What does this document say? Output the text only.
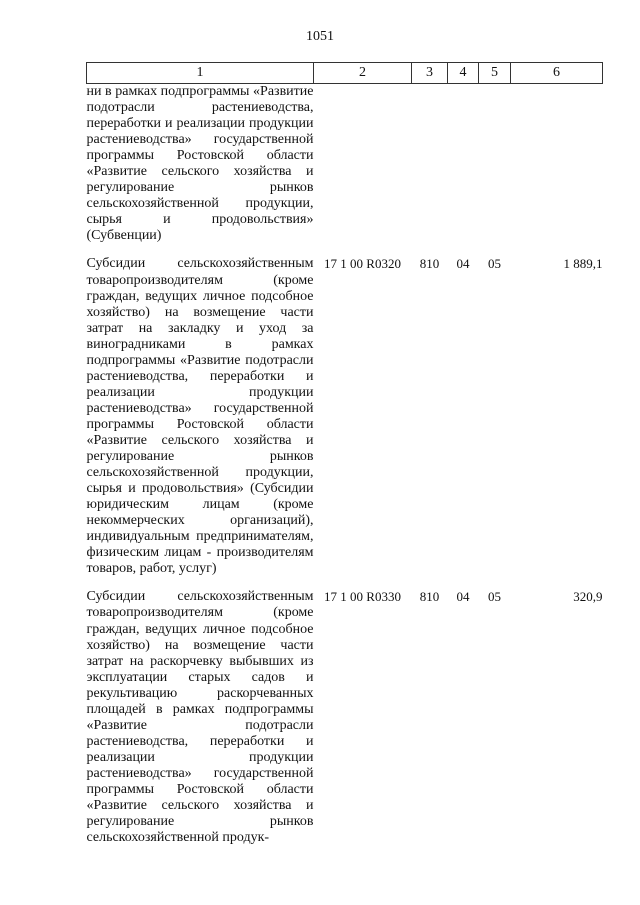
1051
1	2	3	4	5	6
ни в рамках подпрограммы «Развитие подотрасли растениеводства, переработки и реализации продукции растениеводства» государственной программы Ростовской области «Развитие сельского хозяйства и регулирование рынков сельскохозяйственной продукции, сырья и продовольствия» (Субвенции)					

Субсидии сельскохозяйственным товаропроизводителям (кроме граждан, ведущих личное подсобное хозяйство) на возмещение части затрат на закладку и уход за виноградниками в рамках подпрограммы «Развитие подотрасли растениеводства, переработки и реализации продукции растениеводства» государственной программы Ростовской области «Развитие сельского хозяйства и регулирование рынков сельскохозяйственной продукции, сырья и продовольствия» (Субсидии юридическим лицам (кроме некоммерческих организаций), индивидуальным предпринимателям, физическим лицам - производителям товаров, работ, услуг)	17 1 00 R0320	810	04	05	1 889,1

Субсидии сельскохозяйственным товаропроизводителям (кроме граждан, ведущих личное подсобное хозяйство) на возмещение части затрат на раскорчевку выбывших из эксплуатации старых садов и рекультивацию раскорчеванных площадей в рамках подпрограммы «Развитие подотрасли растениеводства, переработки и реализации продукции растениеводства» государственной программы Ростовской области «Развитие сельского хозяйства и регулирование рынков сельскохозяйственной продук-	17 1 00 R0330	810	04	05	320,9
